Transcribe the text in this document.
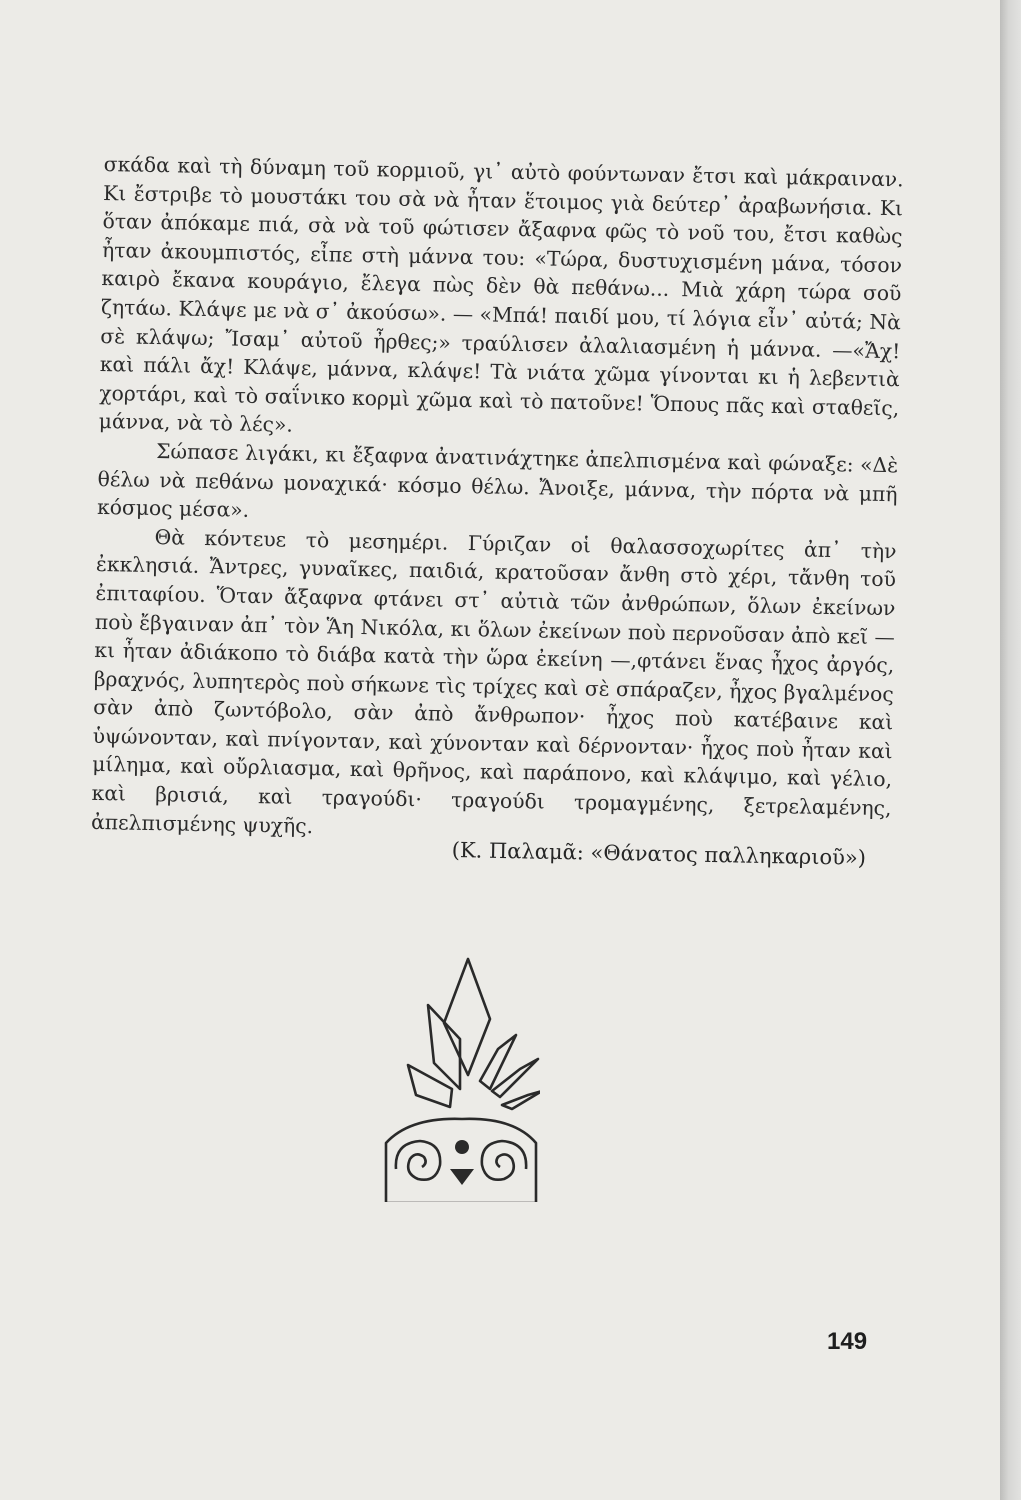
σκάδα καὶ τὴ δύναμη τοῦ κορμιοῦ, γι᾿ αὐτὸ φούντωναν ἔτσι καὶ μάκραιναν. Κι ἔστριβε τὸ μουστάκι του σὰ νὰ ἦταν ἕτοιμος γιὰ δεύτερ᾿ ἀραβωνήσια. Κι ὅταν ἀπόκαμε πιά, σὰ νὰ τοῦ φώτισεν ἄξαφνα φῶς τὸ νοῦ του, ἔτσι καθὼς ἦταν ἀκουμπιστός, εἶπε στὴ μάννα του: «Τώρα, δυστυχισμένη μάνα, τόσον καιρὸ ἔκανα κουράγιο, ἔλεγα πὼς δὲν θὰ πεθάνω... Μιὰ χάρη τώρα σοῦ ζητάω. Κλάψε με νὰ σ᾿ ἀκούσω». — «Μπά! παιδί μου, τί λόγια εἶν᾿ αὐτά; Νὰ σὲ κλάψω; Ἴσαμ᾿ αὐτοῦ ἦρθες;» τραύλισεν ἀλαλιασμένη ἡ μάννα. —«Ἄχ! καὶ πάλι ἄχ! Κλάψε, μάννα, κλάψε! Τὰ νιάτα χῶμα γίνονται κι ἡ λεβεντιὰ χορτάρι, καὶ τὸ σαΐνικο κορμὶ χῶμα καὶ τὸ πατοῦνε! Ὅπους πᾶς καὶ σταθεῖς, μάννα, νὰ τὸ λές».

Σώπασε λιγάκι, κι ἔξαφνα ἀνατινάχτηκε ἀπελπισμένα καὶ φώναξε: «Δὲ θέλω νὰ πεθάνω μοναχικά· κόσμο θέλω. Ἄνοιξε, μάννα, τὴν πόρτα νὰ μπῆ κόσμος μέσα».

Θὰ κόντευε τὸ μεσημέρι. Γύριζαν οἱ θαλασσοχωρίτες ἀπ᾿ τὴν ἐκκλησιά. Ἄντρες, γυναῖκες, παιδιά, κρατοῦσαν ἄνθη στὸ χέρι, τἄνθη τοῦ ἐπιταφίου. Ὅταν ἄξαφνα φτάνει στ᾿ αὐτιὰ τῶν ἀνθρώπων, ὅλων ἐκείνων ποὺ ἔβγαιναν ἀπ᾿ τὸν Ἅη Νικόλα, κι ὅλων ἐκείνων ποὺ περνοῦσαν ἀπὸ κεῖ — κι ἦταν ἀδιάκοπο τὸ διάβα κατὰ τὴν ὥρα ἐκείνη —,φτάνει ἕνας ἦχος ἀργός, βραχνός, λυπητερὸς ποὺ σήκωνε τὶς τρίχες καὶ σὲ σπάραζεν, ἦχος βγαλμένος σὰν ἀπὸ ζωντόβολο, σὰν ἀπὸ ἄνθρωπον· ἦχος ποὺ κατέβαινε καὶ ὑψώνονταν, καὶ πνίγονταν, καὶ χύνονταν καὶ δέρνονταν· ἦχος ποὺ ἦταν καὶ μίλημα, καὶ οὔρλιασμα, καὶ θρῆνος, καὶ παράπονο, καὶ κλάψιμο, καὶ γέλιο, καὶ βρισιά, καὶ τραγούδι· τραγούδι τρομαγμένης, ξετρελαμένης, ἀπελπισμένης ψυχῆς.

(Κ. Παλαμᾶ: «Θάνατος παλληκαριοῦ»)
149
